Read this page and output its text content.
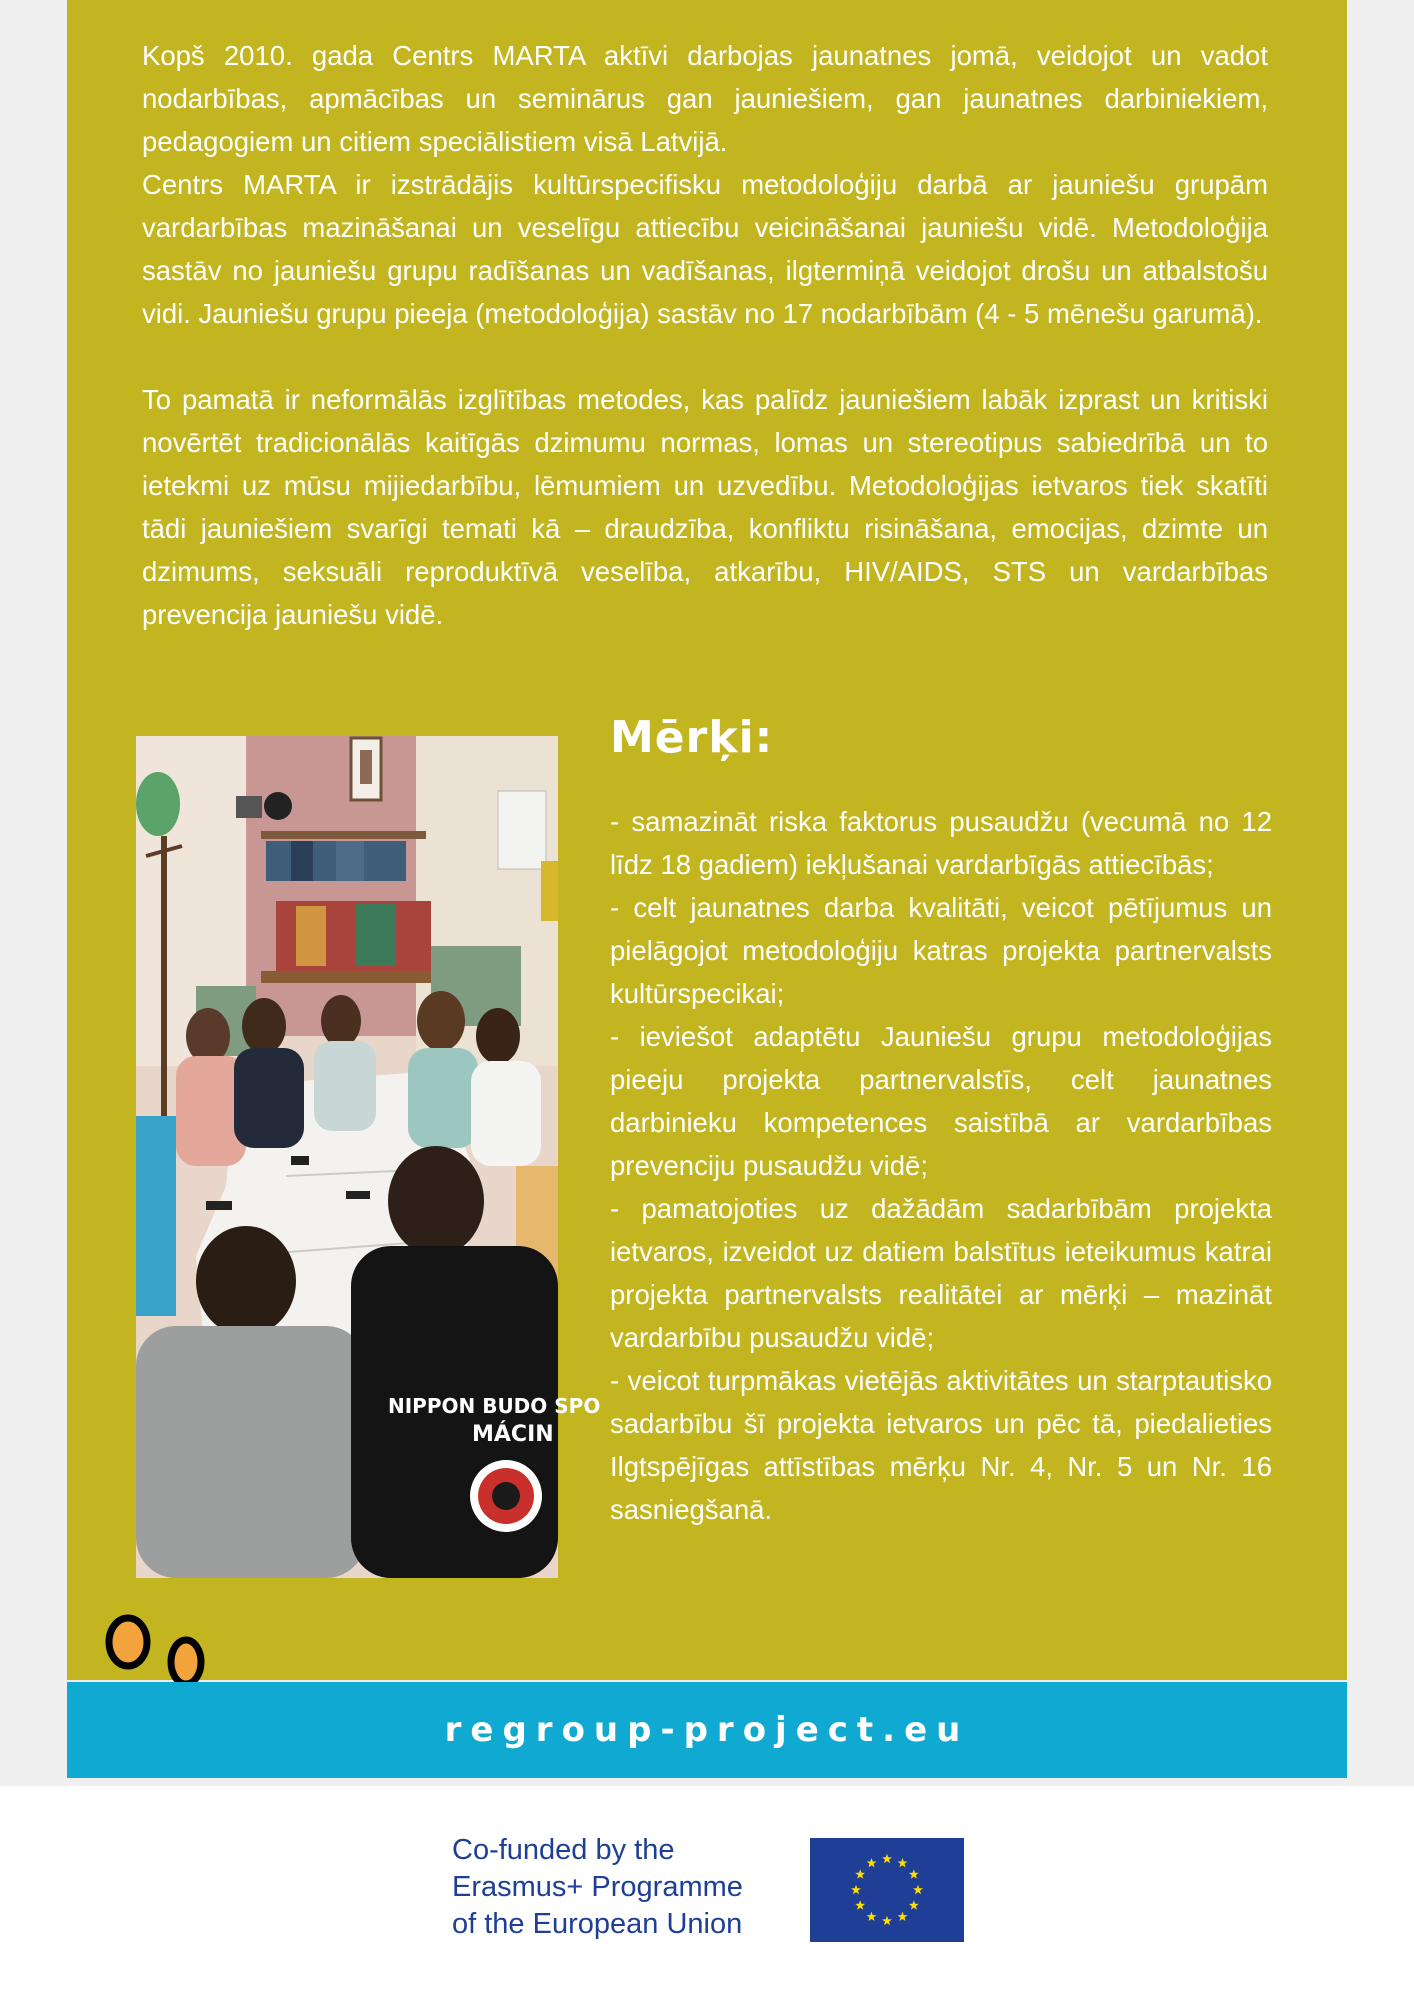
Kopš 2010. gada Centrs MARTA aktīvi darbojas jaunatnes jomā, veidojot un vadot nodarbības, apmācības un seminārus gan jauniešiem, gan jaunatnes darbiniekiem, pedagogiem un citiem speciālistiem visā Latvijā.

Centrs MARTA ir izstrādājis kultūrspecifisku metodoloģiju darbā ar jauniešu grupām vardarbības mazināšanai un veselīgu attiecību veicināšanai jauniešu vidē. Metodoloģija sastāv no jauniešu grupu radīšanas un vadīšanas, ilgtermiņā veidojot drošu un atbalstošu vidi. Jauniešu grupu pieeja (metodoloģija) sastāv no 17 nodarbībām (4 - 5 mēnešu garumā).

To pamatā ir neformālās izglītības metodes, kas palīdz jauniešiem labāk izprast un kritiski novērtēt tradicionālās kaitīgās dzimumu normas, lomas un stereotipus sabiedrībā un to ietekmi uz mūsu mijiedarbību, lēmumiem un uzvedību. Metodoloģijas ietvaros tiek skatīti tādi jauniešiem svarīgi temati kā – draudzība, konfliktu risināšana, emocijas, dzimte un dzimums, seksuāli reproduktīvā veselība, atkarību, HIV/AIDS, STS un vardarbības prevencija jauniešu vidē.

NIPPON BUDO SPO
MÁCIN
Mērķi:

- samazināt riska faktorus pusaudžu (vecumā no 12 līdz 18 gadiem) iekļušanai vardarbīgās attiecībās;

- celt jaunatnes darba kvalitāti, veicot pētījumus un pielāgojot metodoloģiju katras projekta partnervalsts kultūrspecikai;

- ieviešot adaptētu Jauniešu grupu metodoloģijas pieeju projekta partnervalstīs, celt jaunatnes darbinieku kompetences saistībā ar vardarbības prevenciju pusaudžu vidē;

- pamatojoties uz dažādām sadarbībām projekta ietvaros, izveidot uz datiem balstītus ieteikumus katrai projekta partnervalsts realitātei ar mērķi – mazināt vardarbību pusaudžu vidē;

- veicot turpmākas vietējās aktivitātes un starptautisko sadarbību šī projekta ietvaros un pēc tā, piedalieties Ilgtspējīgas attīstības mērķu Nr. 4, Nr. 5 un Nr. 16 sasniegšanā.

regroup-project.eu
Co-funded by the
Erasmus+ Programme
of the European Union
